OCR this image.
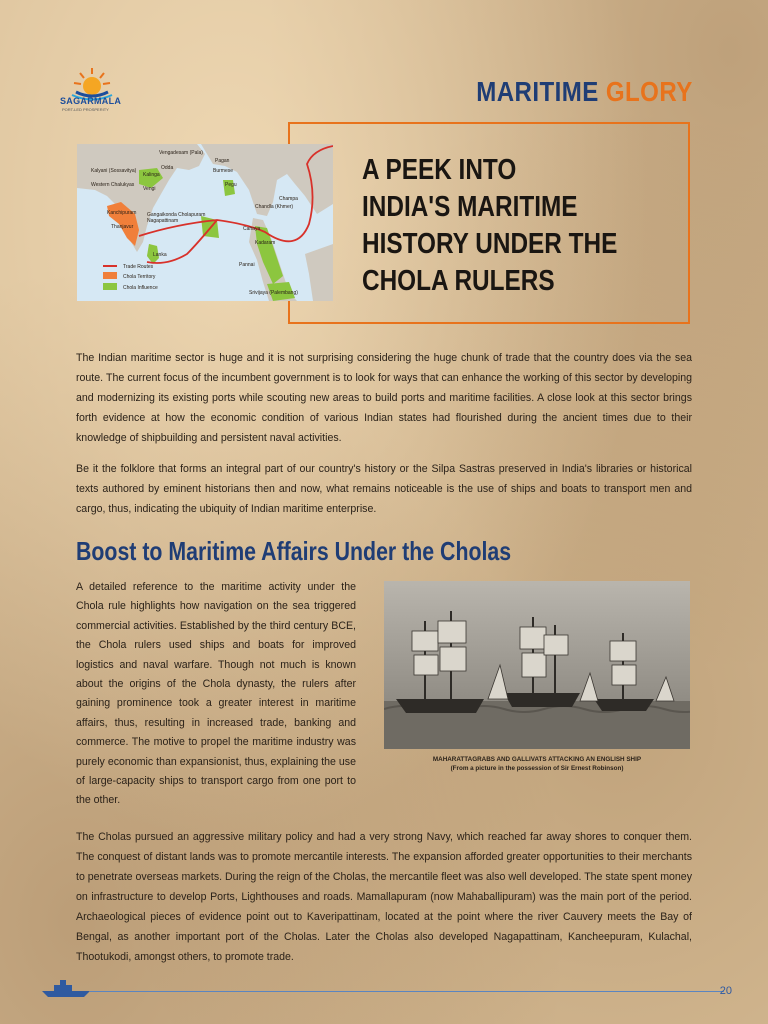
SAGARMALA
PORT-LED PROSPERITY
MARITIME GLORY
Vengadesam (Pala)
Odda
Pagan
Kalinga
Burmese
Kalyani (Sossavitya)
Western Chalukyas
Vengi
Pegu
Kanchipuram
Champa
Chandla (Khmer)
Gangaikonda Cholapuram
Nagapattinam
Thanjavur
Lanka
Cahaya
Kadaram
Pannai
Srivijaya (Palembang)
Trade Routes
Chola Territory
Chola Influence
A PEEK INTO
INDIA'S MARITIME
HISTORY UNDER THE
CHOLA RULERS

The Indian maritime sector is huge and it is not surprising considering the huge chunk of trade that the country does via the sea route. The current focus of the incumbent government is to look for ways that can enhance the working of this sector by developing and modernizing its existing ports while scouting new areas to build ports and maritime facilities. A close look at this sector brings forth evidence at how the economic condition of various Indian states had flourished during the ancient times due to their knowledge of shipbuilding and persistent naval activities.

Be it the folklore that forms an integral part of our country's history or the Silpa Sastras preserved in India's libraries or historical texts authored by eminent historians then and now, what remains noticeable is the use of ships and boats to transport men and cargo, thus, indicating the ubiquity of Indian maritime enterprise.

Boost to Maritime Affairs Under the Cholas

A detailed reference to the maritime activity under the Chola rule highlights how navigation on the sea triggered commercial activities. Established by the third century BCE, the Chola rulers used ships and boats for improved logistics and naval warfare. Though not much is known about the origins of the Chola dynasty, the rulers after gaining prominence took a greater interest in maritime affairs, thus, resulting in increased trade, banking and commerce. The motive to propel the maritime industry was purely economic than expansionist, thus, explaining the use of large-capacity ships to transport cargo from one port to the other.

MAHARATTAGRABS AND GALLIVATS ATTACKING AN ENGLISH SHIP
(From a picture in the possession of Sir Ernest Robinson)

The Cholas pursued an aggressive military policy and had a very strong Navy, which reached far away shores to conquer them. The conquest of distant lands was to promote mercantile interests. The expansion afforded greater opportunities to their merchants to penetrate overseas markets. During the reign of the Cholas, the mercantile fleet was also well developed. The state spent money on infrastructure to develop Ports, Lighthouses and roads. Mamallapuram (now Mahaballipuram) was the main port of the period. Archaeological pieces of evidence point out to Kaveripattinam, located at the point where the river Cauvery meets the Bay of Bengal, as another important port of the Cholas. Later the Cholas also developed Nagapattinam, Kancheepuram, Kulachal, Thootukodi, amongst others, to promote trade.

20
